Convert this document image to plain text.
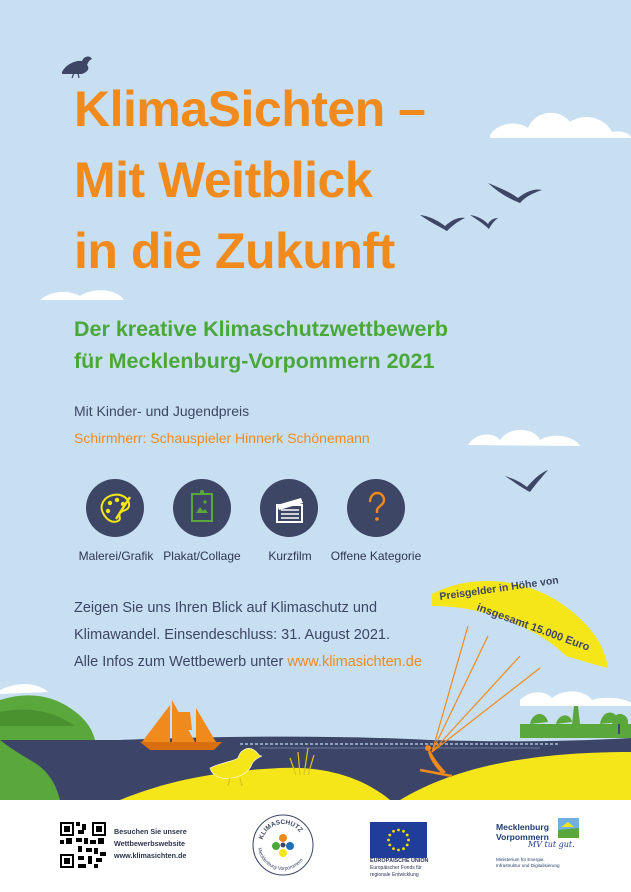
KlimaSichten –
Mit Weitblick
in die Zukunft
Der kreative Klimaschutzwettbewerb
für Mecklenburg-Vorpommern 2021
Mit Kinder- und Jugendpreis
Schirmherr: Schauspieler Hinnerk Schönemann
Malerei/Grafik Plakat/Collage	Kurzfilm	Offene Kategorie
Zeigen Sie uns Ihren Blick auf Klimaschutz und
Klimawandel. Einsendeschluss: 31. August 2021.
Alle Infos zum Wettbewerb unter www.klimasichten.de
Preisgelder in Höhe von
insgesamt 15.000 Euro
Besuchen Sie unsere
Wettbewerbswebsite
www.klimasichten.de
KLIMASCHUTZ
Mecklenburg-Vorpommern	EUROPÄISCHE UNION
Europäischer Fonds für
regionale Entwicklung
Mecklenburg
Vorpommern
MV tut gut.
Ministerium für Energie,
Infrastruktur und Digitalisierung
